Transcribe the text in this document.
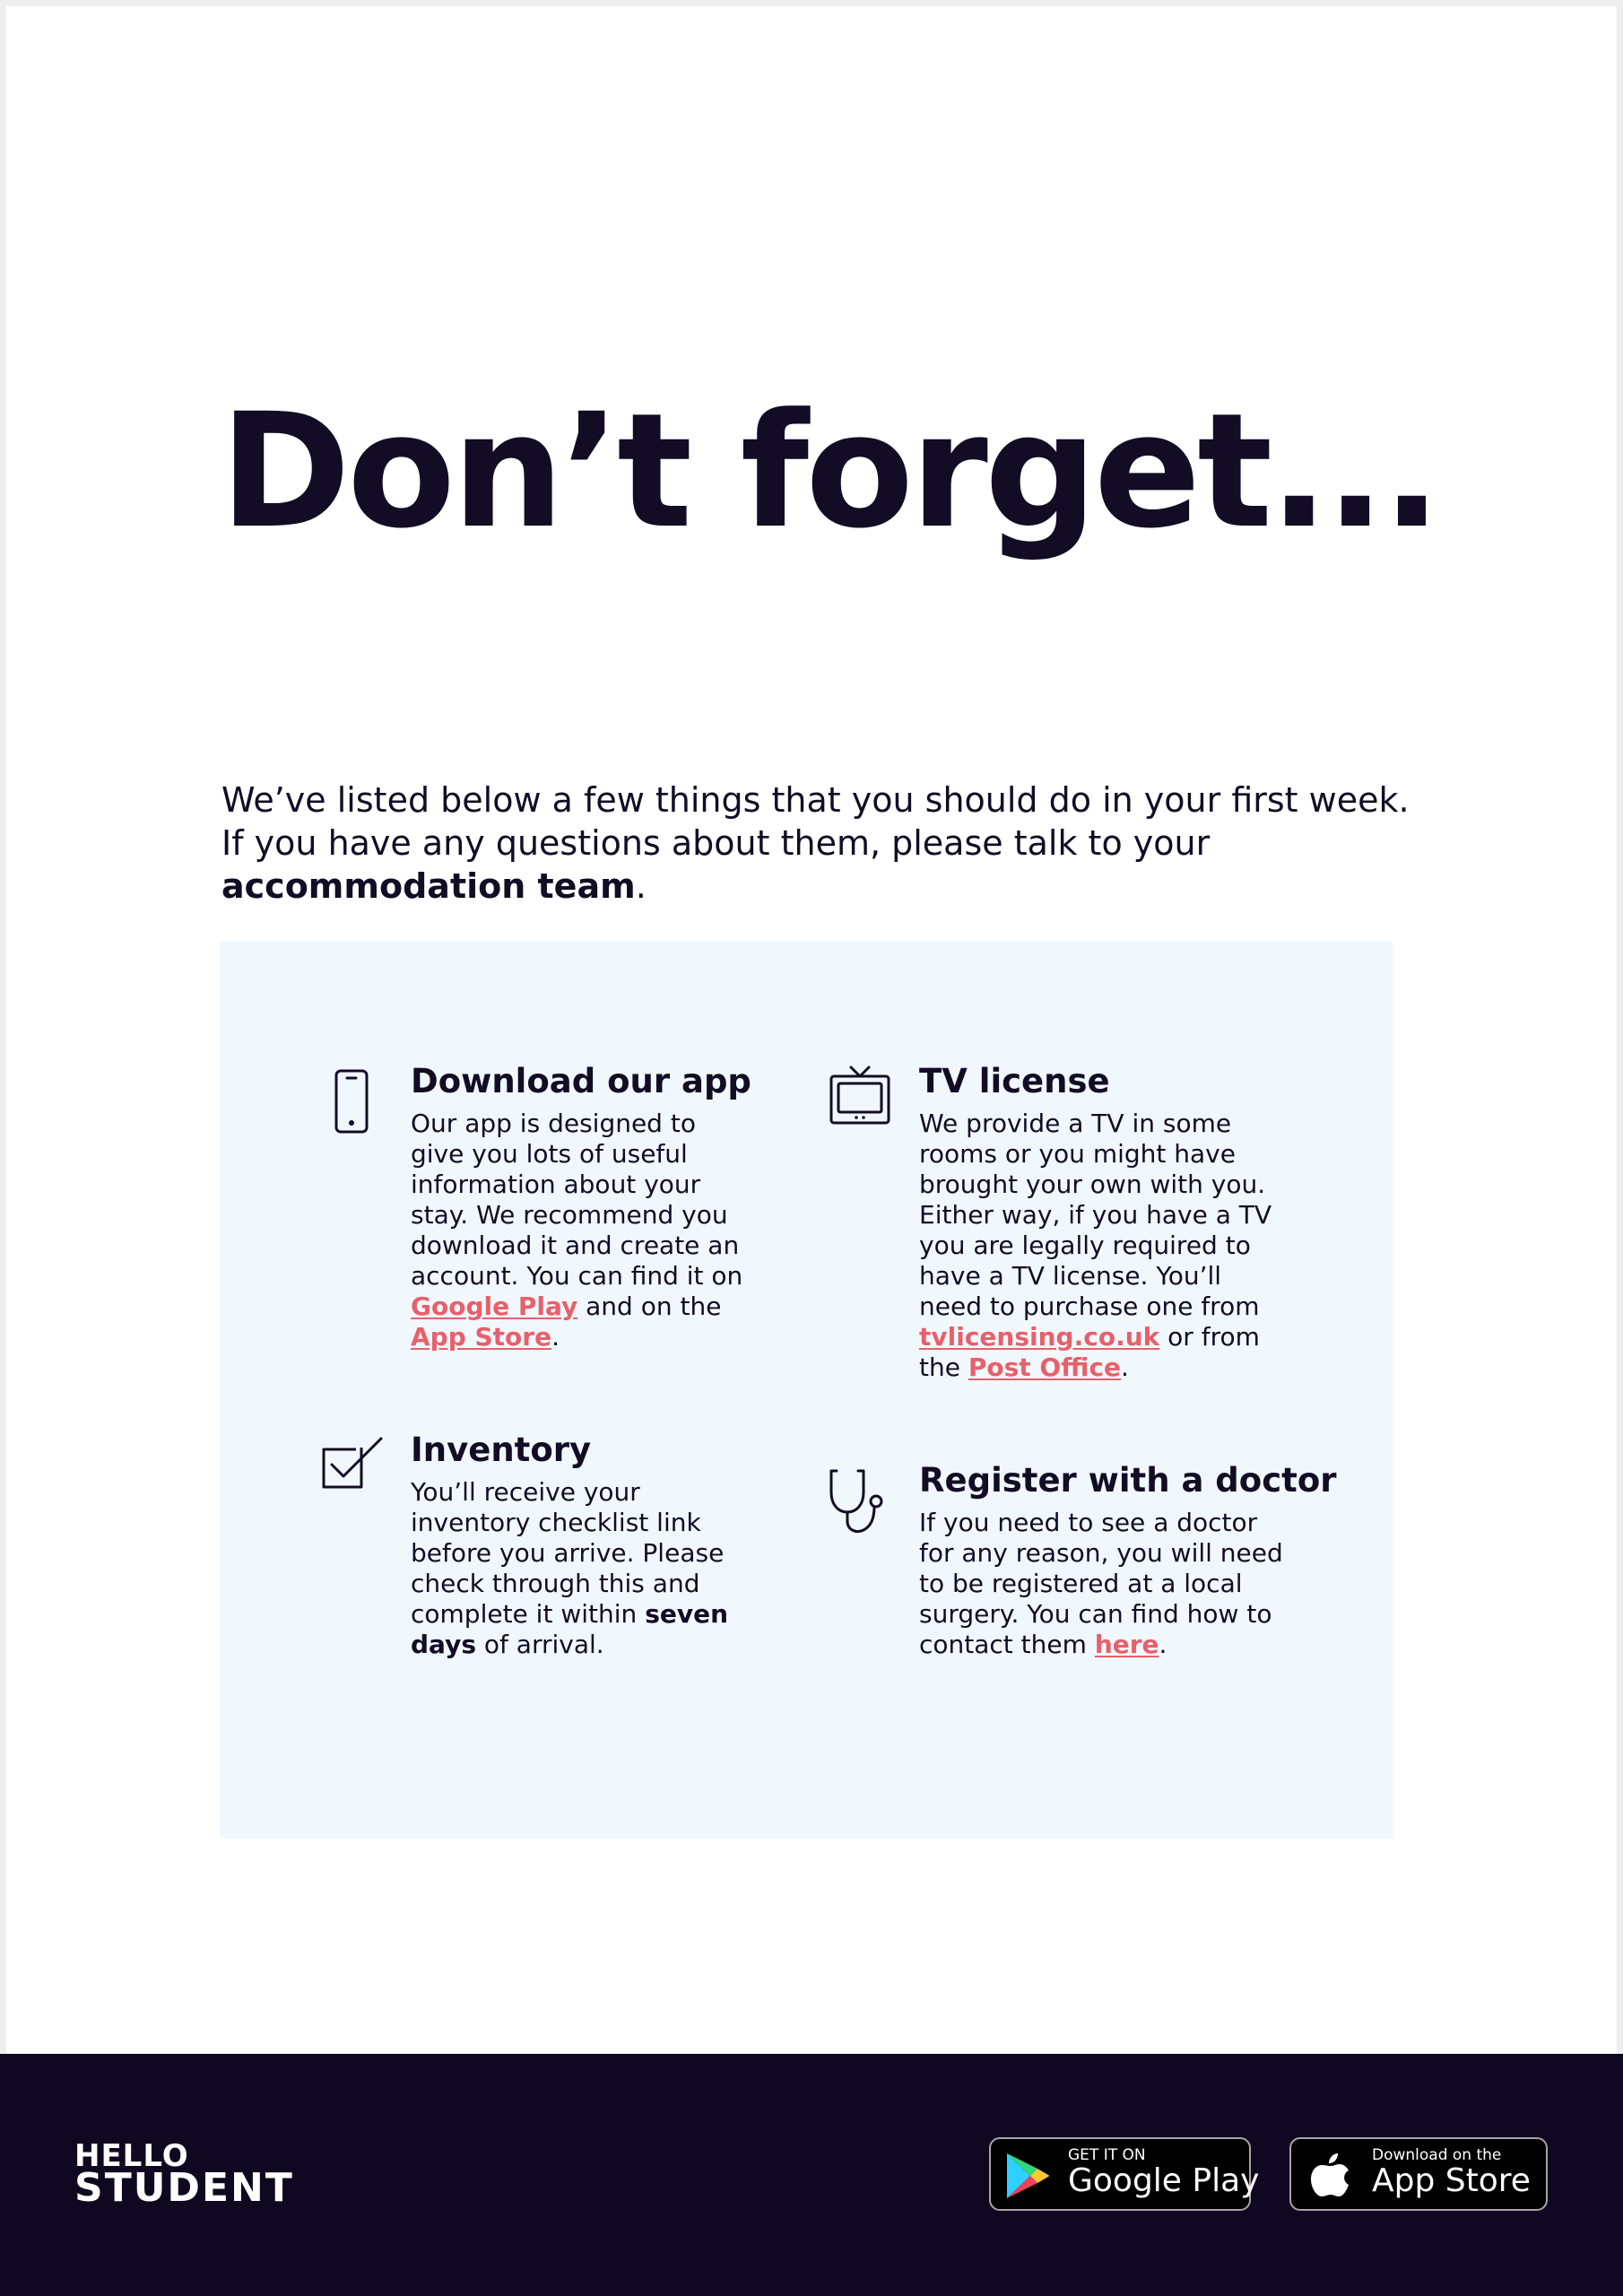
Don’t forget...

We’ve listed below a few things that you should do in your first week. If you have any questions about them, please talk to your accommodation team.

Download our app

Our app is designed to give you lots of useful information about your stay. We recommend you download it and create an account. You can find it on Google Play and on the App Store.

TV license

We provide a TV in some rooms or you might have brought your own with you. Either way, if you have a TV you are legally required to have a TV license. You’ll need to purchase one from tvlicensing.co.uk or from the Post Office.

Inventory

You’ll receive your inventory checklist link before you arrive. Please check through this and complete it within seven days of arrival.

Register with a doctor

If you need to see a doctor for any reason, you will need to be registered at a local surgery. You can find how to contact them here.

HELLO
STUDENT
GET IT ON
Google Play
Download on the
App Store
